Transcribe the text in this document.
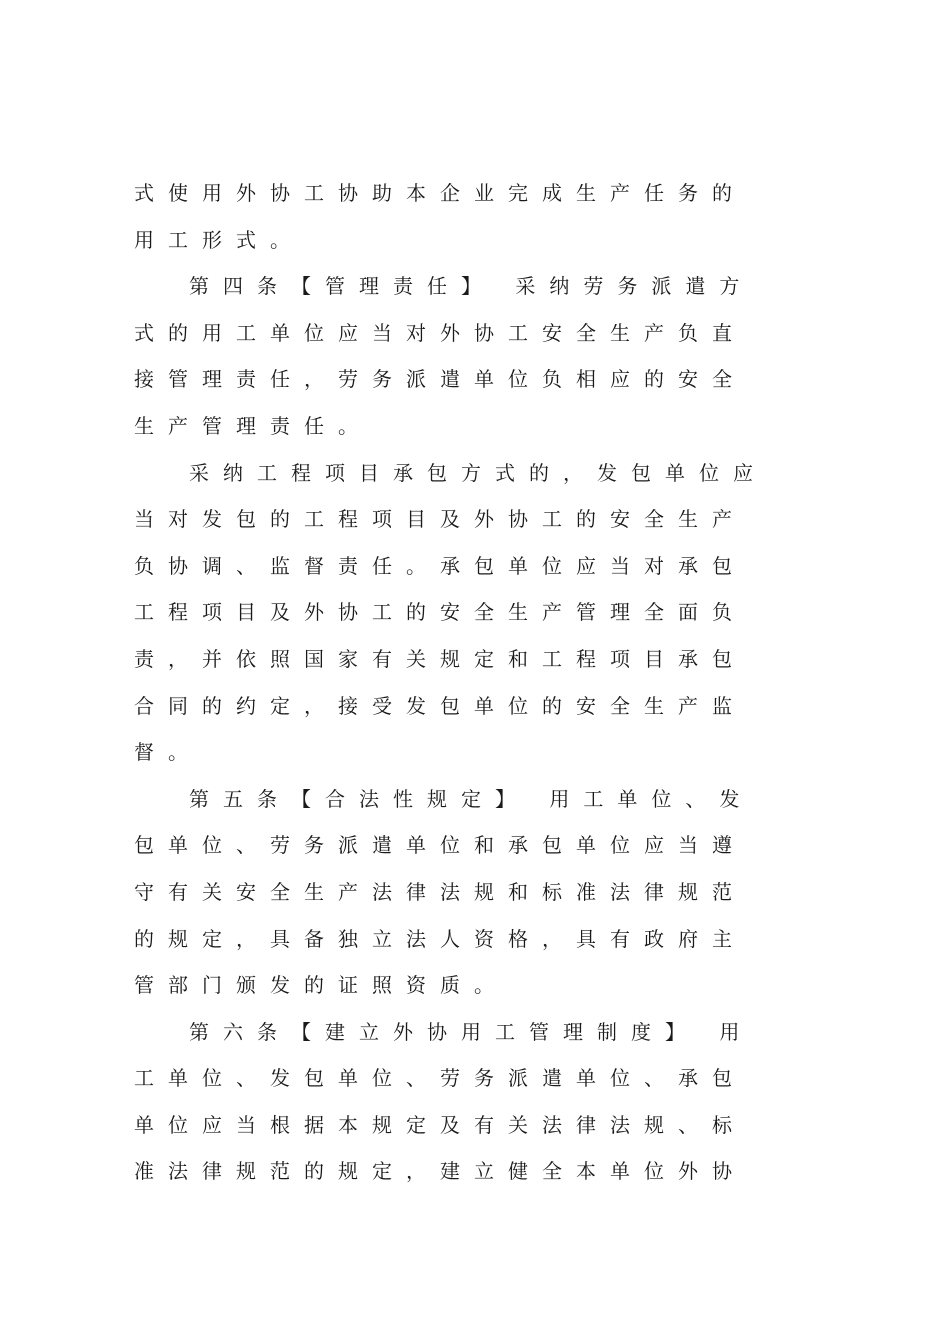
式使用外协工协助本企业完成生产任务的
用工形式。
第四条【管理责任】 采纳劳务派遣方
式的用工单位应当对外协工安全生产负直
接管理责任，劳务派遣单位负相应的安全
生产管理责任。
采纳工程项目承包方式的，发包单位应
当对发包的工程项目及外协工的安全生产
负协调、监督责任。承包单位应当对承包
工程项目及外协工的安全生产管理全面负
责，并依照国家有关规定和工程项目承包
合同的约定，接受发包单位的安全生产监
督。
第五条【合法性规定】 用工单位、发
包单位、劳务派遣单位和承包单位应当遵
守有关安全生产法律法规和标准法律规范
的规定，具备独立法人资格，具有政府主
管部门颁发的证照资质。
第六条【建立外协用工管理制度】 用
工单位、发包单位、劳务派遣单位、承包
单位应当根据本规定及有关法律法规、标
准法律规范的规定，建立健全本单位外协
